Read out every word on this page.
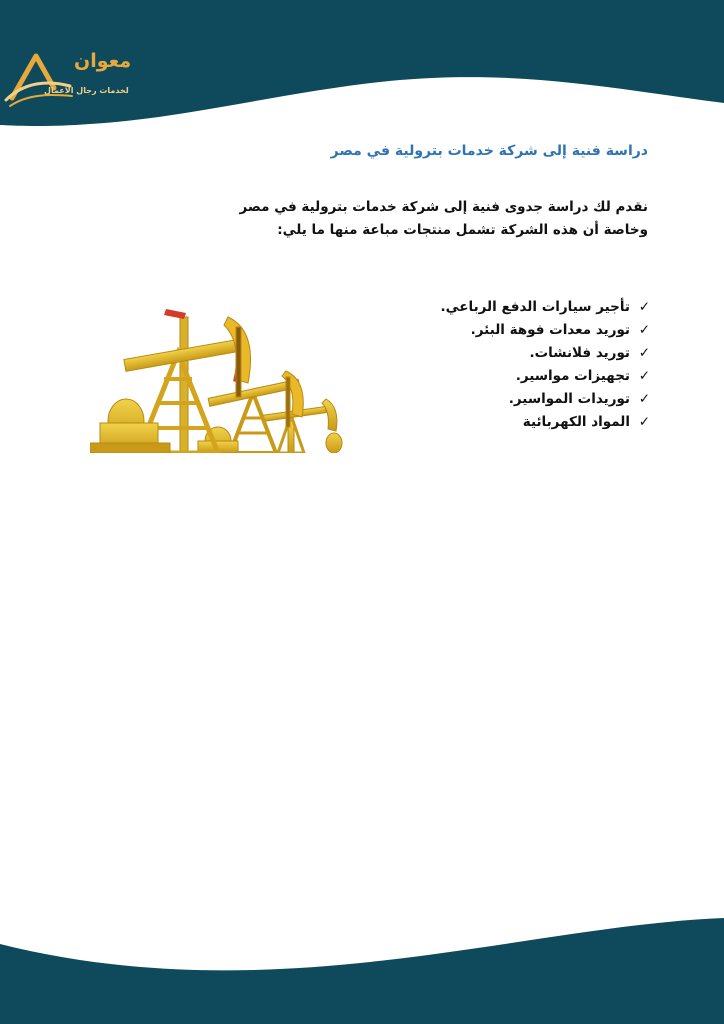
معوان
لخدمات رجال الاعمال
دراسة فنية إلى شركة خدمات بترولية في مصر
نقدم لك دراسة جدوى فنية إلى شركة خدمات بترولية في مصر
وخاصة أن هذه الشركة تشمل منتجات مباعة منها ما يلي:
✓تأجير سيارات الدفع الرباعي.
✓توريد معدات فوهة البئر.
✓توريد فلانشات.
✓تجهيزات مواسير.
✓توريدات المواسير.
✓المواد الكهربائية
